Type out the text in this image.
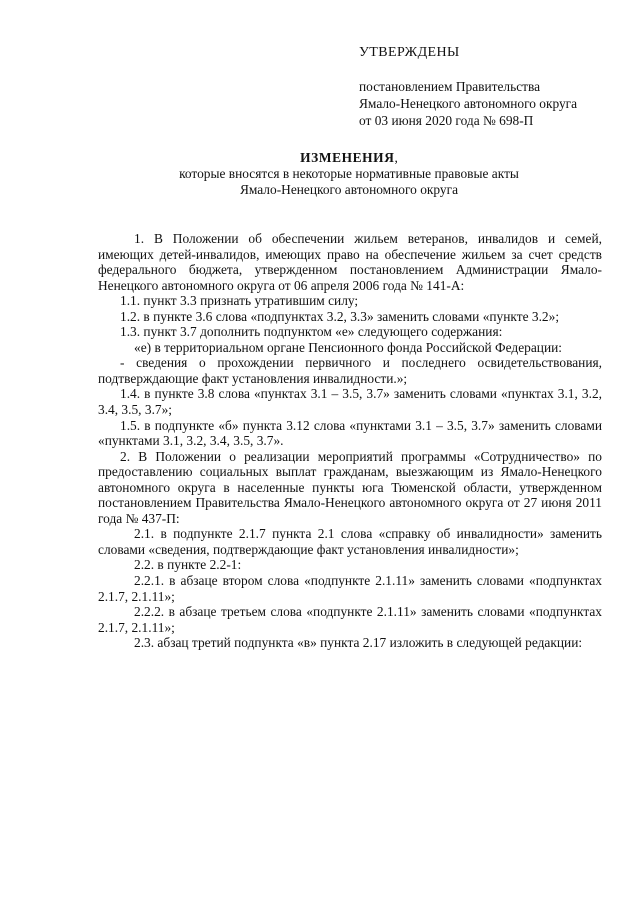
УТВЕРЖДЕНЫ
постановлением Правительства
Ямало-Ненецкого автономного округа
от 03 июня 2020 года № 698-П
ИЗМЕНЕНИЯ,
которые вносятся в некоторые нормативные правовые акты
Ямало-Ненецкого автономного округа

1. В Положении об обеспечении жильем ветеранов, инвалидов и семей, имеющих детей-инвалидов, имеющих право на обеспечение жильем за счет средств федерального бюджета, утвержденном постановлением Администрации Ямало-Ненецкого автономного округа от 06 апреля 2006 года № 141-А:

1.1. пункт 3.3 признать утратившим силу;

1.2. в пункте 3.6 слова «подпунктах 3.2, 3.3» заменить словами «пункте 3.2»;

1.3. пункт 3.7 дополнить подпунктом «е» следующего содержания:

«е) в территориальном органе Пенсионного фонда Российской Федерации:

- сведения о прохождении первичного и последнего освидетельствования, подтверждающие факт установления инвалидности.»;

1.4. в пункте 3.8 слова «пунктах 3.1 – 3.5, 3.7» заменить словами «пунктах 3.1, 3.2, 3.4, 3.5, 3.7»;

1.5. в подпункте «б» пункта 3.12 слова «пунктами 3.1 – 3.5, 3.7» заменить словами «пунктами 3.1, 3.2, 3.4, 3.5, 3.7».

2. В Положении о реализации мероприятий программы «Сотрудничество» по предоставлению социальных выплат гражданам, выезжающим из Ямало-Ненецкого автономного округа в населенные пункты юга Тюменской области, утвержденном постановлением Правительства Ямало-Ненецкого автономного округа от 27 июня 2011 года № 437-П:

2.1. в подпункте 2.1.7 пункта 2.1 слова «справку об инвалидности» заменить словами «сведения, подтверждающие факт установления инвалидности»;

2.2. в пункте 2.2-1:

2.2.1. в абзаце втором слова «подпункте 2.1.11» заменить словами «подпунктах 2.1.7, 2.1.11»;

2.2.2. в абзаце третьем слова «подпункте 2.1.11» заменить словами «подпунктах 2.1.7, 2.1.11»;

2.3. абзац третий подпункта «в» пункта 2.17 изложить в следующей редакции:
